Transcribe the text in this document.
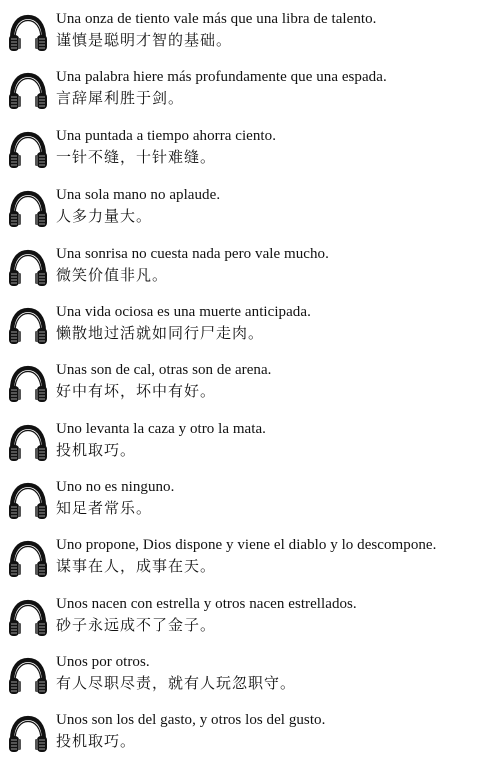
Una onza de tiento vale más que una libra de talento.
谨慎是聪明才智的基础。
Una palabra hiere más profundamente que una espada.
言辞犀利胜于剑。
Una puntada a tiempo ahorra ciento.
一针不缝，十针难缝。
Una sola mano no aplaude.
人多力量大。
Una sonrisa no cuesta nada pero vale mucho.
微笑价值非凡。
Una vida ociosa es una muerte anticipada.
懒散地过活就如同行尸走肉。
Unas son de cal, otras son de arena.
好中有坏，坏中有好。
Uno levanta la caza y otro la mata.
投机取巧。
Uno no es ninguno.
知足者常乐。
Uno propone, Dios dispone y viene el diablo y lo descompone.
谋事在人，成事在天。
Unos nacen con estrella y otros nacen estrellados.
砂子永远成不了金子。
Unos por otros.
有人尽职尽责，就有人玩忽职守。
Unos son los del gasto, y otros los del gusto.
投机取巧。
